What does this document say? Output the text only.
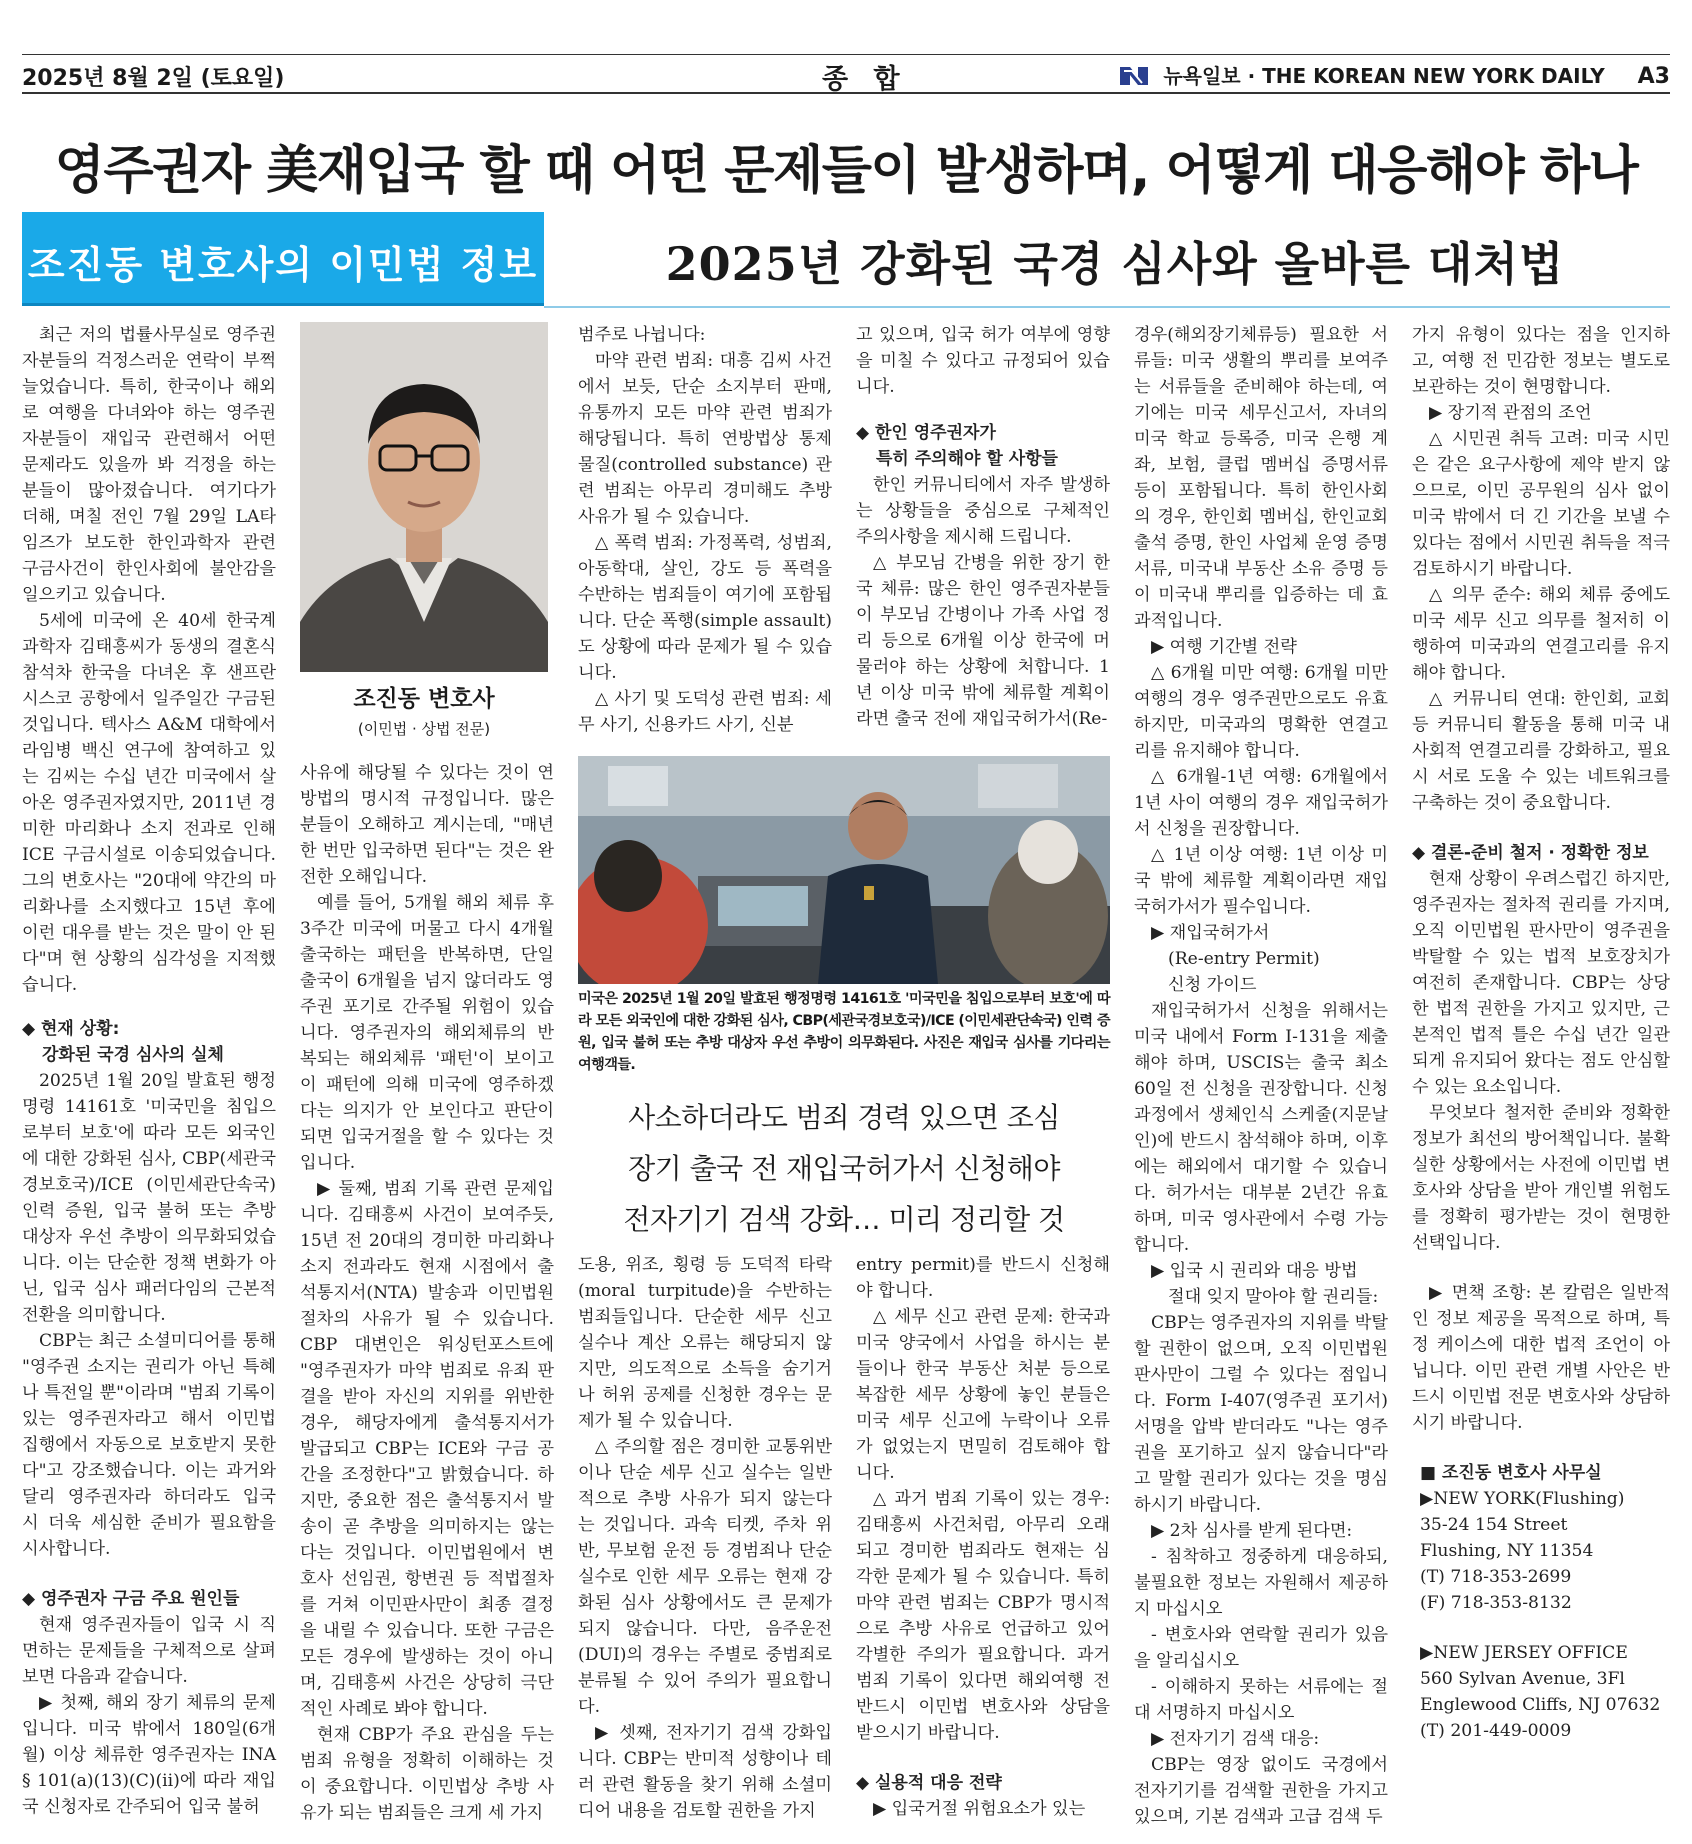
2025년 8월 2일 (토요일)	종 합	뉴욕일보 · THE KOREAN NEW YORK DAILY A3
영주권자 美재입국 할 때 어떤 문제들이 발생하며, 어떻게 대응해야 하나
조진동 변호사의 이민법 정보	2025년 강화된 국경 심사와 올바른 대처법

최근 저의 법률사무실로 영주권자분들의 걱정스러운 연락이 부쩍 늘었습니다. 특히, 한국이나 해외로 여행을 다녀와야 하는 영주권자분들이 재입국 관련해서 어떤 문제라도 있을까 봐 걱정을 하는 분들이 많아졌습니다. 여기다가 더해, 며칠 전인 7월 29일 LA타임즈가 보도한 한인과학자 관련 구금사건이 한인사회에 불안감을 일으키고 있습니다.

5세에 미국에 온 40세 한국계 과학자 김태흥씨가 동생의 결혼식 참석차 한국을 다녀온 후 샌프란시스코 공항에서 일주일간 구금된 것입니다. 텍사스 A&M 대학에서 라임병 백신 연구에 참여하고 있는 김씨는 수십 년간 미국에서 살아온 영주권자였지만, 2011년 경미한 마리화나 소지 전과로 인해 ICE 구금시설로 이송되었습니다. 그의 변호사는 "20대에 약간의 마리화나를 소지했다고 15년 후에 이런 대우를 받는 것은 말이 안 된다"며 현 상황의 심각성을 지적했습니다.

◆ 현재 상황:

강화된 국경 심사의 실체

2025년 1월 20일 발효된 행정명령 14161호 '미국민을 침입으로부터 보호'에 따라 모든 외국인에 대한 강화된 심사, CBP(세관국경보호국)/ICE (이민세관단속국) 인력 증원, 입국 불허 또는 추방 대상자 우선 추방이 의무화되었습니다. 이는 단순한 정책 변화가 아닌, 입국 심사 패러다임의 근본적 전환을 의미합니다.

CBP는 최근 소셜미디어를 통해 "영주권 소지는 권리가 아닌 특혜나 특전일 뿐"이라며 "범죄 기록이 있는 영주권자라고 해서 이민법 집행에서 자동으로 보호받지 못한다"고 강조했습니다. 이는 과거와 달리 영주권자라 하더라도 입국 시 더욱 세심한 준비가 필요함을 시사합니다.

◆ 영주권자 구금 주요 원인들

현재 영주권자들이 입국 시 직면하는 문제들을 구체적으로 살펴보면 다음과 같습니다.

▶ 첫째, 해외 장기 체류의 문제입니다. 미국 밖에서 180일(6개월) 이상 체류한 영주권자는 INA § 101(a)(13)(C)(ii)에 따라 재입국 신청자로 간주되어 입국 불허

조진동 변호사
(이민법 · 상법 전문)

사유에 해당될 수 있다는 것이 연방법의 명시적 규정입니다. 많은 분들이 오해하고 계시는데, "매년 한 번만 입국하면 된다"는 것은 완전한 오해입니다.

예를 들어, 5개월 해외 체류 후 3주간 미국에 머물고 다시 4개월 출국하는 패턴을 반복하면, 단일 출국이 6개월을 넘지 않더라도 영주권 포기로 간주될 위험이 있습니다. 영주권자의 해외체류의 반복되는 해외체류 '패턴'이 보이고 이 패턴에 의해 미국에 영주하겠다는 의지가 안 보인다고 판단이 되면 입국거절을 할 수 있다는 것입니다.

▶ 둘째, 범죄 기록 관련 문제입니다. 김태흥씨 사건이 보여주듯, 15년 전 20대의 경미한 마리화나 소지 전과라도 현재 시점에서 출석통지서(NTA) 발송과 이민법원 절차의 사유가 될 수 있습니다. CBP 대변인은 워싱턴포스트에 "영주권자가 마약 범죄로 유죄 판결을 받아 자신의 지위를 위반한 경우, 해당자에게 출석통지서가 발급되고 CBP는 ICE와 구금 공간을 조정한다"고 밝혔습니다. 하지만, 중요한 점은 출석통지서 발송이 곧 추방을 의미하지는 않는다는 것입니다. 이민법원에서 변호사 선임권, 항변권 등 적법절차를 거쳐 이민판사만이 최종 결정을 내릴 수 있습니다. 또한 구금은 모든 경우에 발생하는 것이 아니며, 김태흥씨 사건은 상당히 극단적인 사례로 봐야 합니다.

현재 CBP가 주요 관심을 두는 범죄 유형을 정확히 이해하는 것이 중요합니다. 이민법상 추방 사유가 되는 범죄들은 크게 세 가지

범주로 나뉩니다:

마약 관련 범죄: 대흥 김씨 사건에서 보듯, 단순 소지부터 판매, 유통까지 모든 마약 관련 범죄가 해당됩니다. 특히 연방법상 통제물질(controlled substance) 관련 범죄는 아무리 경미해도 추방 사유가 될 수 있습니다.

△ 폭력 범죄: 가정폭력, 성범죄, 아동학대, 살인, 강도 등 폭력을 수반하는 범죄들이 여기에 포함됩니다. 단순 폭행(simple assault)도 상황에 따라 문제가 될 수 있습니다.

△ 사기 및 도덕성 관련 범죄: 세무 사기, 신용카드 사기, 신분

고 있으며, 입국 허가 여부에 영향을 미칠 수 있다고 규정되어 있습니다.

◆ 한인 영주권자가

특히 주의해야 할 사항들

한인 커뮤니티에서 자주 발생하는 상황들을 중심으로 구체적인 주의사항을 제시해 드립니다.

△ 부모님 간병을 위한 장기 한국 체류: 많은 한인 영주권자분들이 부모님 간병이나 가족 사업 정리 등으로 6개월 이상 한국에 머물러야 하는 상황에 처합니다. 1년 이상 미국 밖에 체류할 계획이라면 출국 전에 재입국허가서(Re-

미국은 2025년 1월 20일 발효된 행정명령 14161호 '미국민을 침입으로부터 보호'에 따라 모든 외국인에 대한 강화된 심사, CBP(세관국경보호국)/ICE (이민세관단속국) 인력 증원, 입국 불허 또는 추방 대상자 우선 추방이 의무화된다. 사진은 재입국 심사를 기다리는 여행객들.
사소하더라도 범죄 경력 있으면 조심
장기 출국 전 재입국허가서 신청해야
전자기기 검색 강화… 미리 정리할 것

도용, 위조, 횡령 등 도덕적 타락(moral turpitude)을 수반하는 범죄들입니다. 단순한 세무 신고 실수나 계산 오류는 해당되지 않지만, 의도적으로 소득을 숨기거나 허위 공제를 신청한 경우는 문제가 될 수 있습니다.

△ 주의할 점은 경미한 교통위반이나 단순 세무 신고 실수는 일반적으로 추방 사유가 되지 않는다는 것입니다. 과속 티켓, 주차 위반, 무보험 운전 등 경범죄나 단순 실수로 인한 세무 오류는 현재 강화된 심사 상황에서도 큰 문제가 되지 않습니다. 다만, 음주운전(DUI)의 경우는 주별로 중범죄로 분류될 수 있어 주의가 필요합니다.

▶ 셋째, 전자기기 검색 강화입니다. CBP는 반미적 성향이나 테러 관련 활동을 찾기 위해 소셜미디어 내용을 검토할 권한을 가지

entry permit)를 반드시 신청해야 합니다.

△ 세무 신고 관련 문제: 한국과 미국 양국에서 사업을 하시는 분들이나 한국 부동산 처분 등으로 복잡한 세무 상황에 놓인 분들은 미국 세무 신고에 누락이나 오류가 없었는지 면밀히 검토해야 합니다.

△ 과거 범죄 기록이 있는 경우: 김태흥씨 사건처럼, 아무리 오래되고 경미한 범죄라도 현재는 심각한 문제가 될 수 있습니다. 특히 마약 관련 범죄는 CBP가 명시적으로 추방 사유로 언급하고 있어 각별한 주의가 필요합니다. 과거 범죄 기록이 있다면 해외여행 전 반드시 이민법 변호사와 상담을 받으시기 바랍니다.

◆ 실용적 대응 전략

▶ 입국거절 위험요소가 있는

경우(해외장기체류등) 필요한 서류들: 미국 생활의 뿌리를 보여주는 서류들을 준비해야 하는데, 여기에는 미국 세무신고서, 자녀의 미국 학교 등록증, 미국 은행 계좌, 보험, 클럽 멤버십 증명서류 등이 포함됩니다. 특히 한인사회의 경우, 한인회 멤버십, 한인교회 출석 증명, 한인 사업체 운영 증명 서류, 미국내 부동산 소유 증명 등이 미국내 뿌리를 입증하는 데 효과적입니다.

▶ 여행 기간별 전략

△ 6개월 미만 여행: 6개월 미만 여행의 경우 영주권만으로도 유효하지만, 미국과의 명확한 연결고리를 유지해야 합니다.

△ 6개월-1년 여행: 6개월에서 1년 사이 여행의 경우 재입국허가서 신청을 권장합니다.

△ 1년 이상 여행: 1년 이상 미국 밖에 체류할 계획이라면 재입국허가서가 필수입니다.

▶ 재입국허가서

(Re-entry Permit)

신청 가이드

재입국허가서 신청을 위해서는 미국 내에서 Form I-131을 제출해야 하며, USCIS는 출국 최소 60일 전 신청을 권장합니다. 신청 과정에서 생체인식 스케줄(지문날인)에 반드시 참석해야 하며, 이후에는 해외에서 대기할 수 있습니다. 허가서는 대부분 2년간 유효하며, 미국 영사관에서 수령 가능합니다.

▶ 입국 시 권리와 대응 방법

절대 잊지 말아야 할 권리들:

CBP는 영주권자의 지위를 박탈할 권한이 없으며, 오직 이민법원 판사만이 그럴 수 있다는 점입니다. Form I-407(영주권 포기서) 서명을 압박 받더라도 "나는 영주권을 포기하고 싶지 않습니다"라고 말할 권리가 있다는 것을 명심하시기 바랍니다.

▶ 2차 심사를 받게 된다면:

- 침착하고 정중하게 대응하되, 불필요한 정보는 자원해서 제공하지 마십시오

- 변호사와 연락할 권리가 있음을 알리십시오

- 이해하지 못하는 서류에는 절대 서명하지 마십시오

▶ 전자기기 검색 대응:

CBP는 영장 없이도 국경에서 전자기기를 검색할 권한을 가지고 있으며, 기본 검색과 고급 검색 두

가지 유형이 있다는 점을 인지하고, 여행 전 민감한 정보는 별도로 보관하는 것이 현명합니다.

▶ 장기적 관점의 조언

△ 시민권 취득 고려: 미국 시민은 같은 요구사항에 제약 받지 않으므로, 이민 공무원의 심사 없이 미국 밖에서 더 긴 기간을 보낼 수 있다는 점에서 시민권 취득을 적극 검토하시기 바랍니다.

△ 의무 준수: 해외 체류 중에도 미국 세무 신고 의무를 철저히 이행하여 미국과의 연결고리를 유지해야 합니다.

△ 커뮤니티 연대: 한인회, 교회 등 커뮤니티 활동을 통해 미국 내 사회적 연결고리를 강화하고, 필요시 서로 도울 수 있는 네트워크를 구축하는 것이 중요합니다.

◆ 결론-준비 철저 · 정확한 정보

현재 상황이 우려스럽긴 하지만, 영주권자는 절차적 권리를 가지며, 오직 이민법원 판사만이 영주권을 박탈할 수 있는 법적 보호장치가 여전히 존재합니다. CBP는 상당한 법적 권한을 가지고 있지만, 근본적인 법적 틀은 수십 년간 일관되게 유지되어 왔다는 점도 안심할 수 있는 요소입니다.

무엇보다 철저한 준비와 정확한 정보가 최선의 방어책입니다. 불확실한 상황에서는 사전에 이민법 변호사와 상담을 받아 개인별 위험도를 정확히 평가받는 것이 현명한 선택입니다.

▶ 면책 조항: 본 칼럼은 일반적인 정보 제공을 목적으로 하며, 특정 케이스에 대한 법적 조언이 아닙니다. 이민 관련 개별 사안은 반드시 이민법 전문 변호사와 상담하시기 바랍니다.

■ 조진동 변호사 사무실

▶NEW YORK(Flushing)

35-24 154 Street

Flushing, NY 11354

(T) 718-353-2699

(F) 718-353-8132

▶NEW JERSEY OFFICE

560 Sylvan Avenue, 3Fl

Englewood Cliffs, NJ 07632

(T) 201-449-0009
